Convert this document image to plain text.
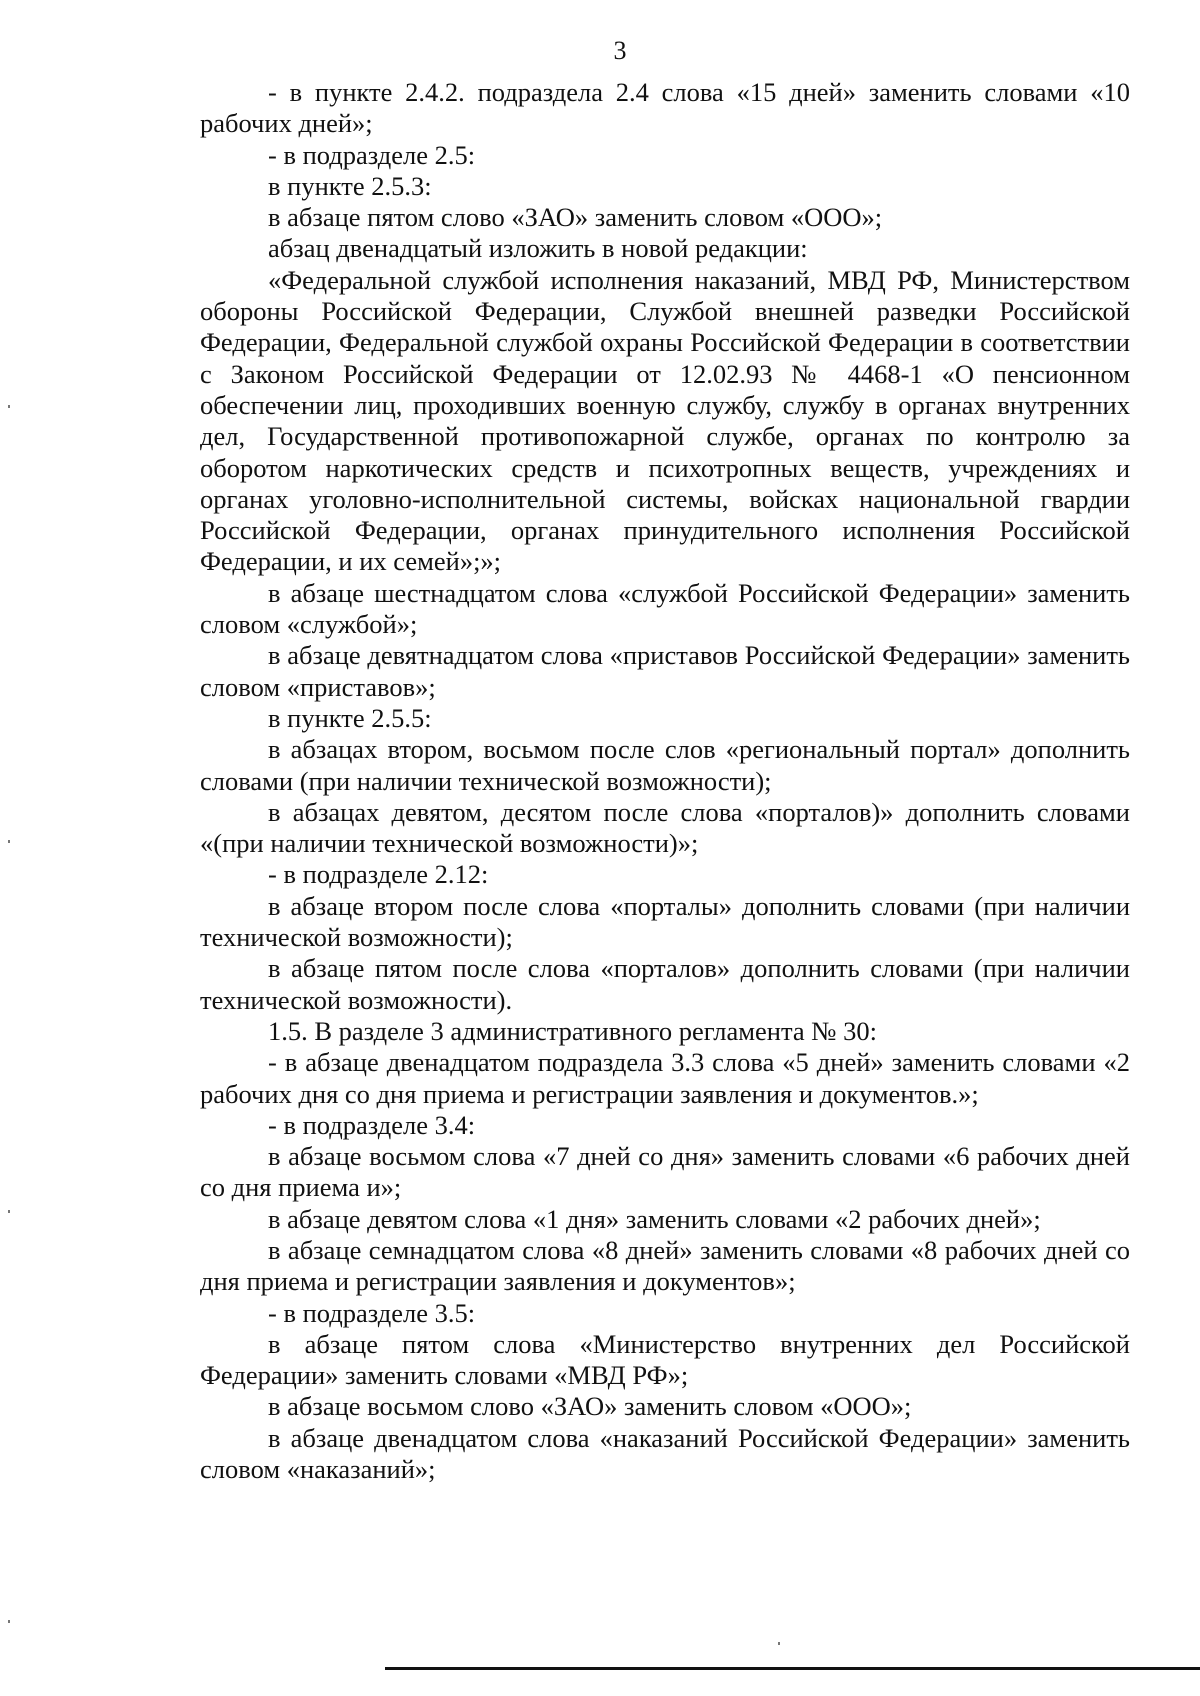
3

- в пункте 2.4.2. подраздела 2.4 слова «15 дней» заменить словами «10 рабочих дней»;

- в подразделе 2.5:

в пункте 2.5.3:

в абзаце пятом слово «ЗАО» заменить словом «ООО»;

абзац двенадцатый изложить в новой редакции:

«Федеральной службой исполнения наказаний, МВД РФ, Министерством обороны Российской Федерации, Службой внешней разведки Российской Федерации, Федеральной службой охраны Российской Федерации в соответствии с Законом Российской Федерации от 12.02.93 № 4468-1 «О пенсионном обеспечении лиц, проходивших военную службу, службу в органах внутренних дел, Государственной противопожарной службе, органах по контролю за оборотом наркотических средств и психотропных веществ, учреждениях и органах уголовно-исполнительной системы, войсках национальной гвардии Российской Федерации, органах принудительного исполнения Российской Федерации, и их семей»;»;

в абзаце шестнадцатом слова «службой Российской Федерации» заменить словом «службой»;

в абзаце девятнадцатом слова «приставов Российской Федерации» заменить словом «приставов»;

в пункте 2.5.5:

в абзацах втором, восьмом после слов «региональный портал» дополнить словами (при наличии технической возможности);

в абзацах девятом, десятом после слова «порталов)» дополнить словами «(при наличии технической возможности)»;

- в подразделе 2.12:

в абзаце втором после слова «порталы» дополнить словами (при наличии технической возможности);

в абзаце пятом после слова «порталов» дополнить словами (при наличии технической возможности).

1.5. В разделе 3 административного регламента № 30:

- в абзаце двенадцатом подраздела 3.3 слова «5 дней» заменить словами «2 рабочих дня со дня приема и регистрации заявления и документов.»;

- в подразделе 3.4:

в абзаце восьмом слова «7 дней со дня» заменить словами «6 рабочих дней со дня приема и»;

в абзаце девятом слова «1 дня» заменить словами «2 рабочих дней»;

в абзаце семнадцатом слова «8 дней» заменить словами «8 рабочих дней со дня приема и регистрации заявления и документов»;

- в подразделе 3.5:

в абзаце пятом слова «Министерство внутренних дел Российской Федерации» заменить словами «МВД РФ»;

в абзаце восьмом слово «ЗАО» заменить словом «ООО»;

в абзаце двенадцатом слова «наказаний Российской Федерации» заменить словом «наказаний»;
